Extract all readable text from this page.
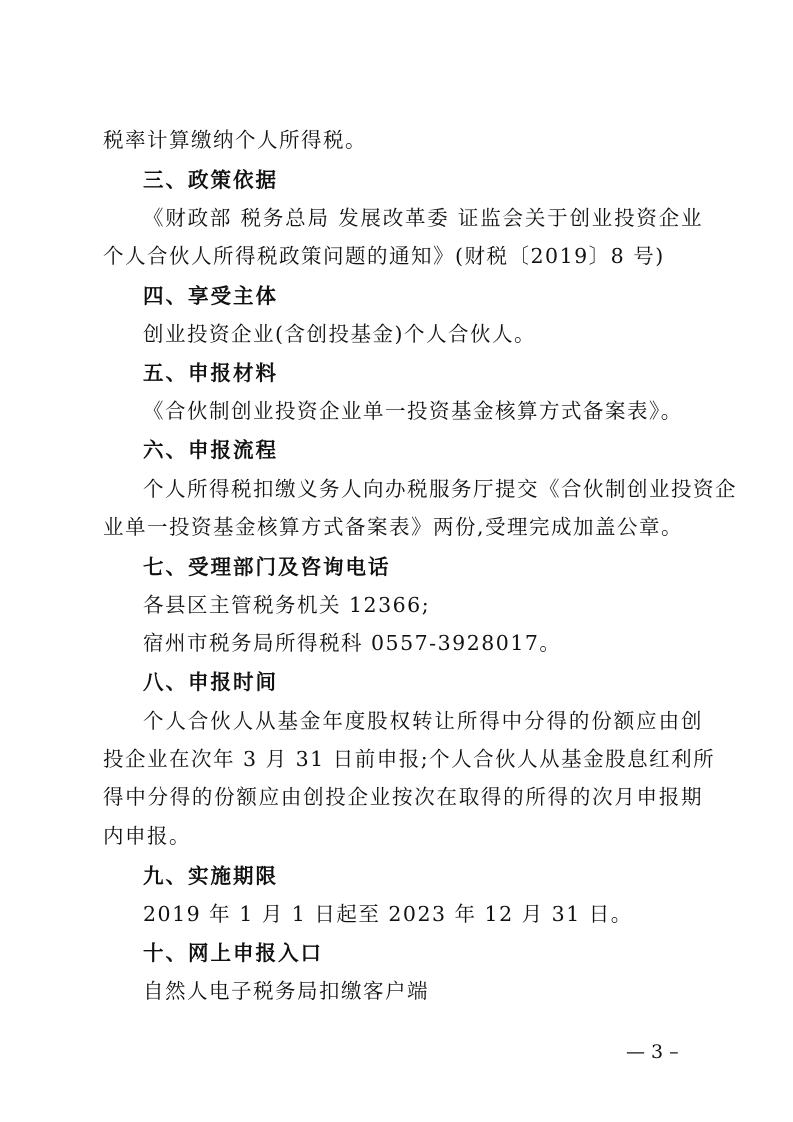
税率计算缴纳个人所得税。
三、政策依据
《财政部 税务总局 发展改革委 证监会关于创业投资企业
个人合伙人所得税政策问题的通知》(财税〔2019〕8 号)
四、享受主体
创业投资企业(含创投基金)个人合伙人。
五、申报材料
《合伙制创业投资企业单一投资基金核算方式备案表》。
六、申报流程
个人所得税扣缴义务人向办税服务厅提交《合伙制创业投资企
业单一投资基金核算方式备案表》两份,受理完成加盖公章。
七、受理部门及咨询电话
各县区主管税务机关 12366;
宿州市税务局所得税科 0557-3928017。
八、申报时间
个人合伙人从基金年度股权转让所得中分得的份额应由创
投企业在次年 3 月 31 日前申报;个人合伙人从基金股息红利所
得中分得的份额应由创投企业按次在取得的所得的次月申报期
内申报。
九、实施期限
2019 年 1 月 1 日起至 2023 年 12 月 31 日。
十、网上申报入口
自然人电子税务局扣缴客户端
— 3 –
